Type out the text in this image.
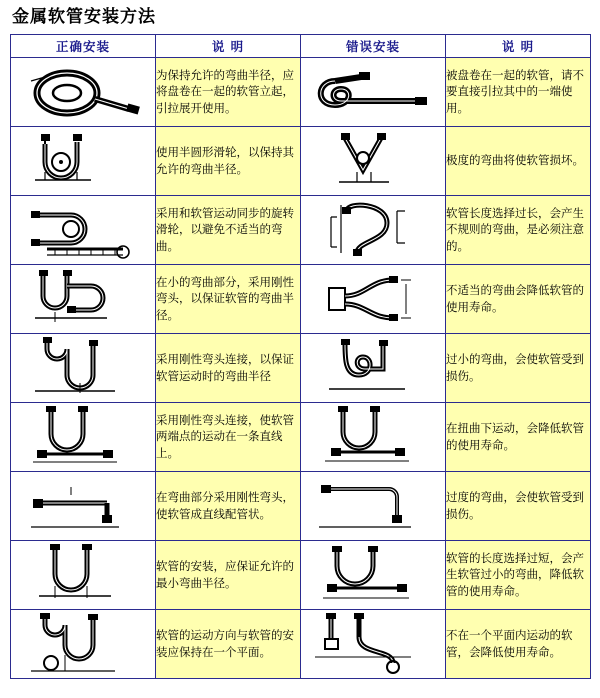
金属软管安装方法
正确安装	说 明	错误安装	说 明

	为保持允许的弯曲半径，应将盘卷在一起的软管立起，引拉展开使用。		被盘卷在一起的软管，请不要直接引拉其中的一端使用。

	使用半圆形滑轮，以保持其允许的弯曲半径。		极度的弯曲将使软管损坏。

	采用和软管运动同步的旋转滑轮，以避免不适当的弯曲。		软管长度选择过长，会产生不规则的弯曲，是必须注意的。

	在小的弯曲部分，采用刚性弯头，以保证软管的弯曲半径。		不适当的弯曲会降低软管的使用寿命。

	采用刚性弯头连接，以保证软管运动时的弯曲半径		过小的弯曲，会使软管受到损伤。

	采用刚性弯头连接，使软管两端点的运动在一条直线上。		在扭曲下运动，会降低软管的使用寿命。

	在弯曲部分采用刚性弯头，使软管成直线配管状。		过度的弯曲，会使软管受到损伤。

	软管的安装，应保证允许的最小弯曲半径。		软管的长度选择过短，会产生软管过小的弯曲，降低软管的使用寿命。

	软管的运动方向与软管的安装应保持在一个平面。		不在一个平面内运动的软管，会降低使用寿命。
